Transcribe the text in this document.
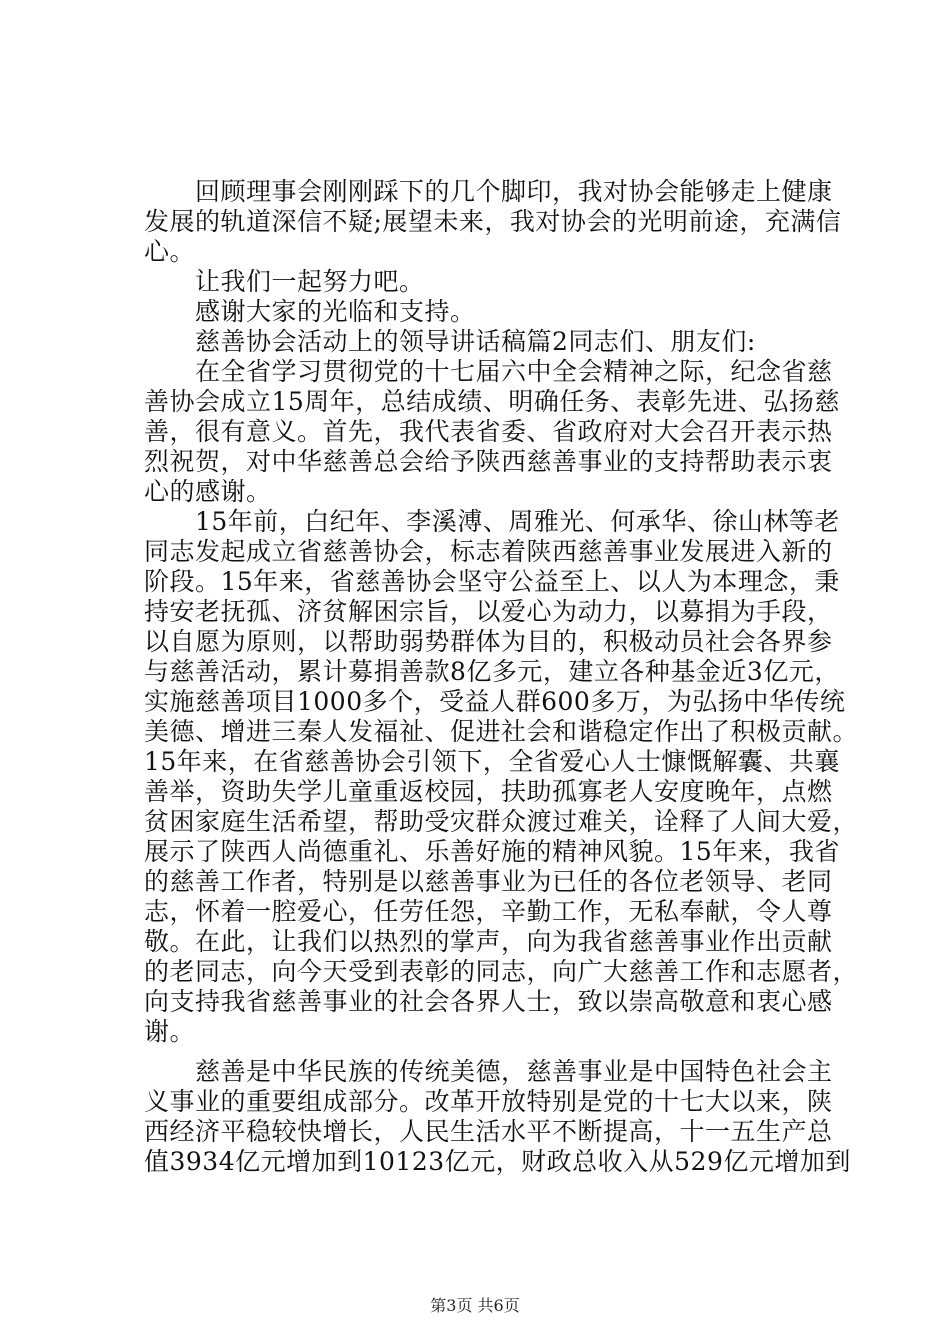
　　回顾理事会刚刚踩下的几个脚印，我对协会能够走上健康
发展的轨道深信不疑;展望未来，我对协会的光明前途，充满信
心。
　　让我们一起努力吧。
　　感谢大家的光临和支持。
　　慈善协会活动上的领导讲话稿篇2同志们、朋友们:
　　在全省学习贯彻党的十七届六中全会精神之际，纪念省慈
善协会成立15周年，总结成绩、明确任务、表彰先进、弘扬慈
善，很有意义。首先，我代表省委、省政府对大会召开表示热
烈祝贺，对中华慈善总会给予陕西慈善事业的支持帮助表示衷
心的感谢。
　　15年前，白纪年、李溪溥、周雅光、何承华、徐山林等老
同志发起成立省慈善协会，标志着陕西慈善事业发展进入新的
阶段。15年来，省慈善协会坚守公益至上、以人为本理念，秉
持安老抚孤、济贫解困宗旨，以爱心为动力，以募捐为手段，
以自愿为原则，以帮助弱势群体为目的，积极动员社会各界参
与慈善活动，累计募捐善款8亿多元，建立各种基金近3亿元，
实施慈善项目1000多个，受益人群600多万，为弘扬中华传统
美德、增进三秦人发福祉、促进社会和谐稳定作出了积极贡献。
15年来，在省慈善协会引领下，全省爱心人士慷慨解囊、共襄
善举，资助失学儿童重返校园，扶助孤寡老人安度晚年，点燃
贫困家庭生活希望，帮助受灾群众渡过难关，诠释了人间大爱，
展示了陕西人尚德重礼、乐善好施的精神风貌。15年来，我省
的慈善工作者，特别是以慈善事业为已任的各位老领导、老同
志，怀着一腔爱心，任劳任怨，辛勤工作，无私奉献，令人尊
敬。在此，让我们以热烈的掌声，向为我省慈善事业作出贡献
的老同志，向今天受到表彰的同志，向广大慈善工作和志愿者，
向支持我省慈善事业的社会各界人士，致以崇高敬意和衷心感
谢。
　　慈善是中华民族的传统美德，慈善事业是中国特色社会主
义事业的重要组成部分。改革开放特别是党的十七大以来，陕
西经济平稳较快增长，人民生活水平不断提高，十一五生产总
值3934亿元增加到10123亿元，财政总收入从529亿元增加到
第3页 共6页
